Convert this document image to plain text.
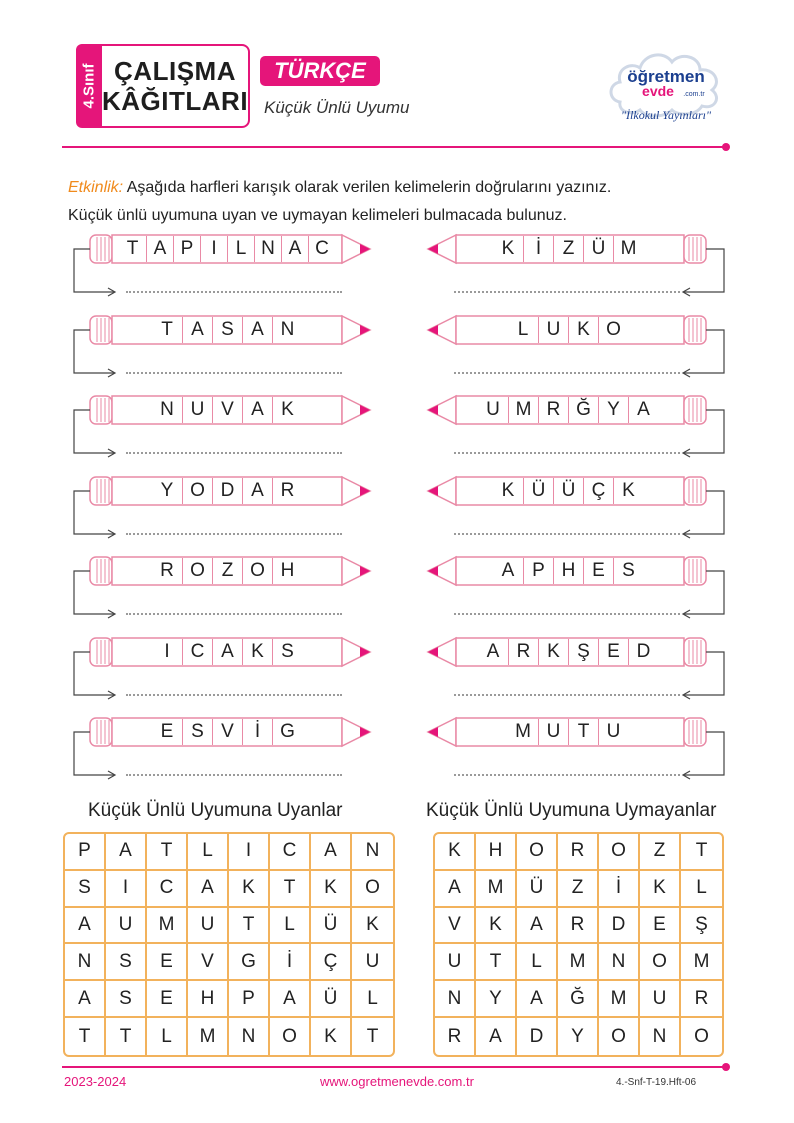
4.Sınıf ÇALIŞMA
KÂĞITLARI
TÜRKÇE
Küçük Ünlü Uyumu
öğretmen
evde .com.tr
"İlkokul Yayınları"
Etkinlik: Aşağıda harfleri karışık olarak verilen kelimelerin doğrularını yazınız.
Küçük ünlü uyumuna uyan ve uymayan kelimeleri bulmacada bulunuz.
T A P I	L N A C
T A S A N
N U V A K
Y O D A R
R O Z O H
I	C A K S
E S V	İ	G
K	İ	Z Ü M
L U K O
U M R Ğ Y A
K Ü Ü Ç K
A P H E S
A R K Ş E D
M U T U
Küçük Ünlü Uyumuna Uyanlar	Küçük Ünlü Uyumuna Uymayanlar
P	A	T	L	I	C	A	N
S	I	C	A	K	T	K	O
A	U	M	U	T	L	Ü	K
N	S	E	V	G	İ	Ç	U
A	S	E	H	P	A	Ü	L
T	T	L	M	N	O	K	T
K	H	O	R	O	Z	T
A	M	Ü	Z	İ	K	L
V	K	A	R	D	E	Ş
U	T	L	M	N	O	M
N	Y	A	Ğ	M	U	R
R	A	D	Y	O	N	O
2023-2024	www.ogretmenevde.com.tr	4.-Snf-T-19.Hft-06
